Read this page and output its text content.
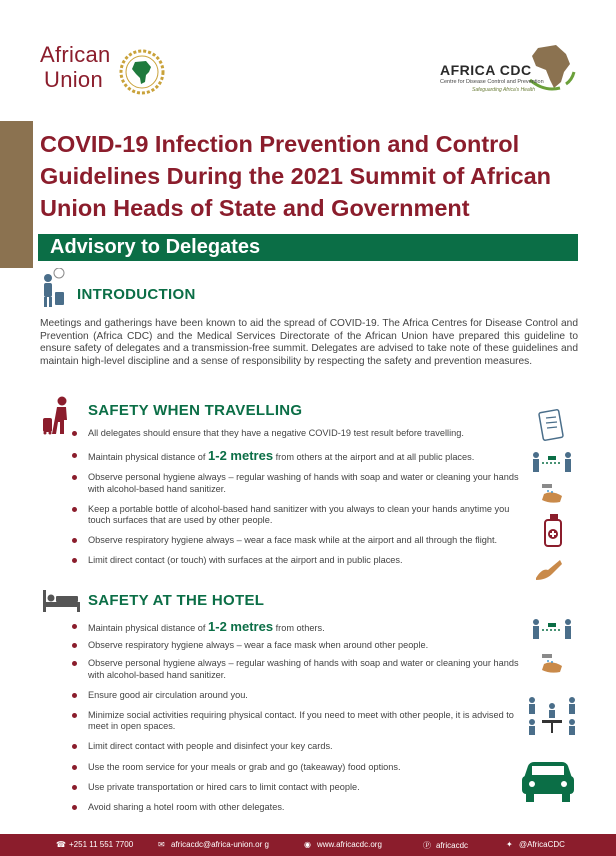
African
Union	AFRICA CDC
Centre for Disease Control and Prevention
Safeguarding Africa's Health
COVID-19 Infection Prevention and Control Guidelines During the 2021 Summit of African Union Heads of State and Government
Advisory to Delegates
INTRODUCTION

Meetings and gatherings have been known to aid the spread of COVID-19. The Africa Centres for Disease Control and Prevention (Africa CDC) and the Medical Services Directorate of the African Union have prepared this guideline to ensure safety of delegates and a transmission-free summit. Delegates are advised to take note of these guidelines and maintain high-level discipline and a sense of responsibility by respecting the safety and prevention measures.

SAFETY WHEN TRAVELLING
All delegates should ensure that they have a negative COVID-19 test result before travelling.
Maintain physical distance of 1-2 metres from others at the airport and at all public places.
Observe personal hygiene always – regular washing of hands with soap and water or cleaning your hands with alcohol-based hand sanitizer.
Keep a portable bottle of alcohol-based hand sanitizer with you always to clean your hands anytime you touch surfaces that are used by other people.
Observe respiratory hygiene always – wear a face mask while at the airport and all through the flight.
Limit direct contact (or touch) with surfaces at the airport and in public places.
SAFETY AT THE HOTEL
Maintain physical distance of 1-2 metres from others.
Observe respiratory hygiene always – wear a face mask when around other people.
Observe personal hygiene always – regular washing of hands with soap and water or cleaning your hands with alcohol-based hand sanitizer.
Ensure good air circulation around you.
Minimize social activities requiring physical contact. If you need to meet with other people, it is advised to meet in open spaces.
Limit direct contact with people and disinfect your key cards.
Use the room service for your meals or grab and go (takeaway) food options.
Use private transportation or hired cars to limit contact with people.
Avoid sharing a hotel room with other delegates.
☎ +251 11 551 7700	✉ africacdc@africa-union.or g	◉ www.africacdc.org	Ⓟ africacdc	✦ @AfricaCDC
